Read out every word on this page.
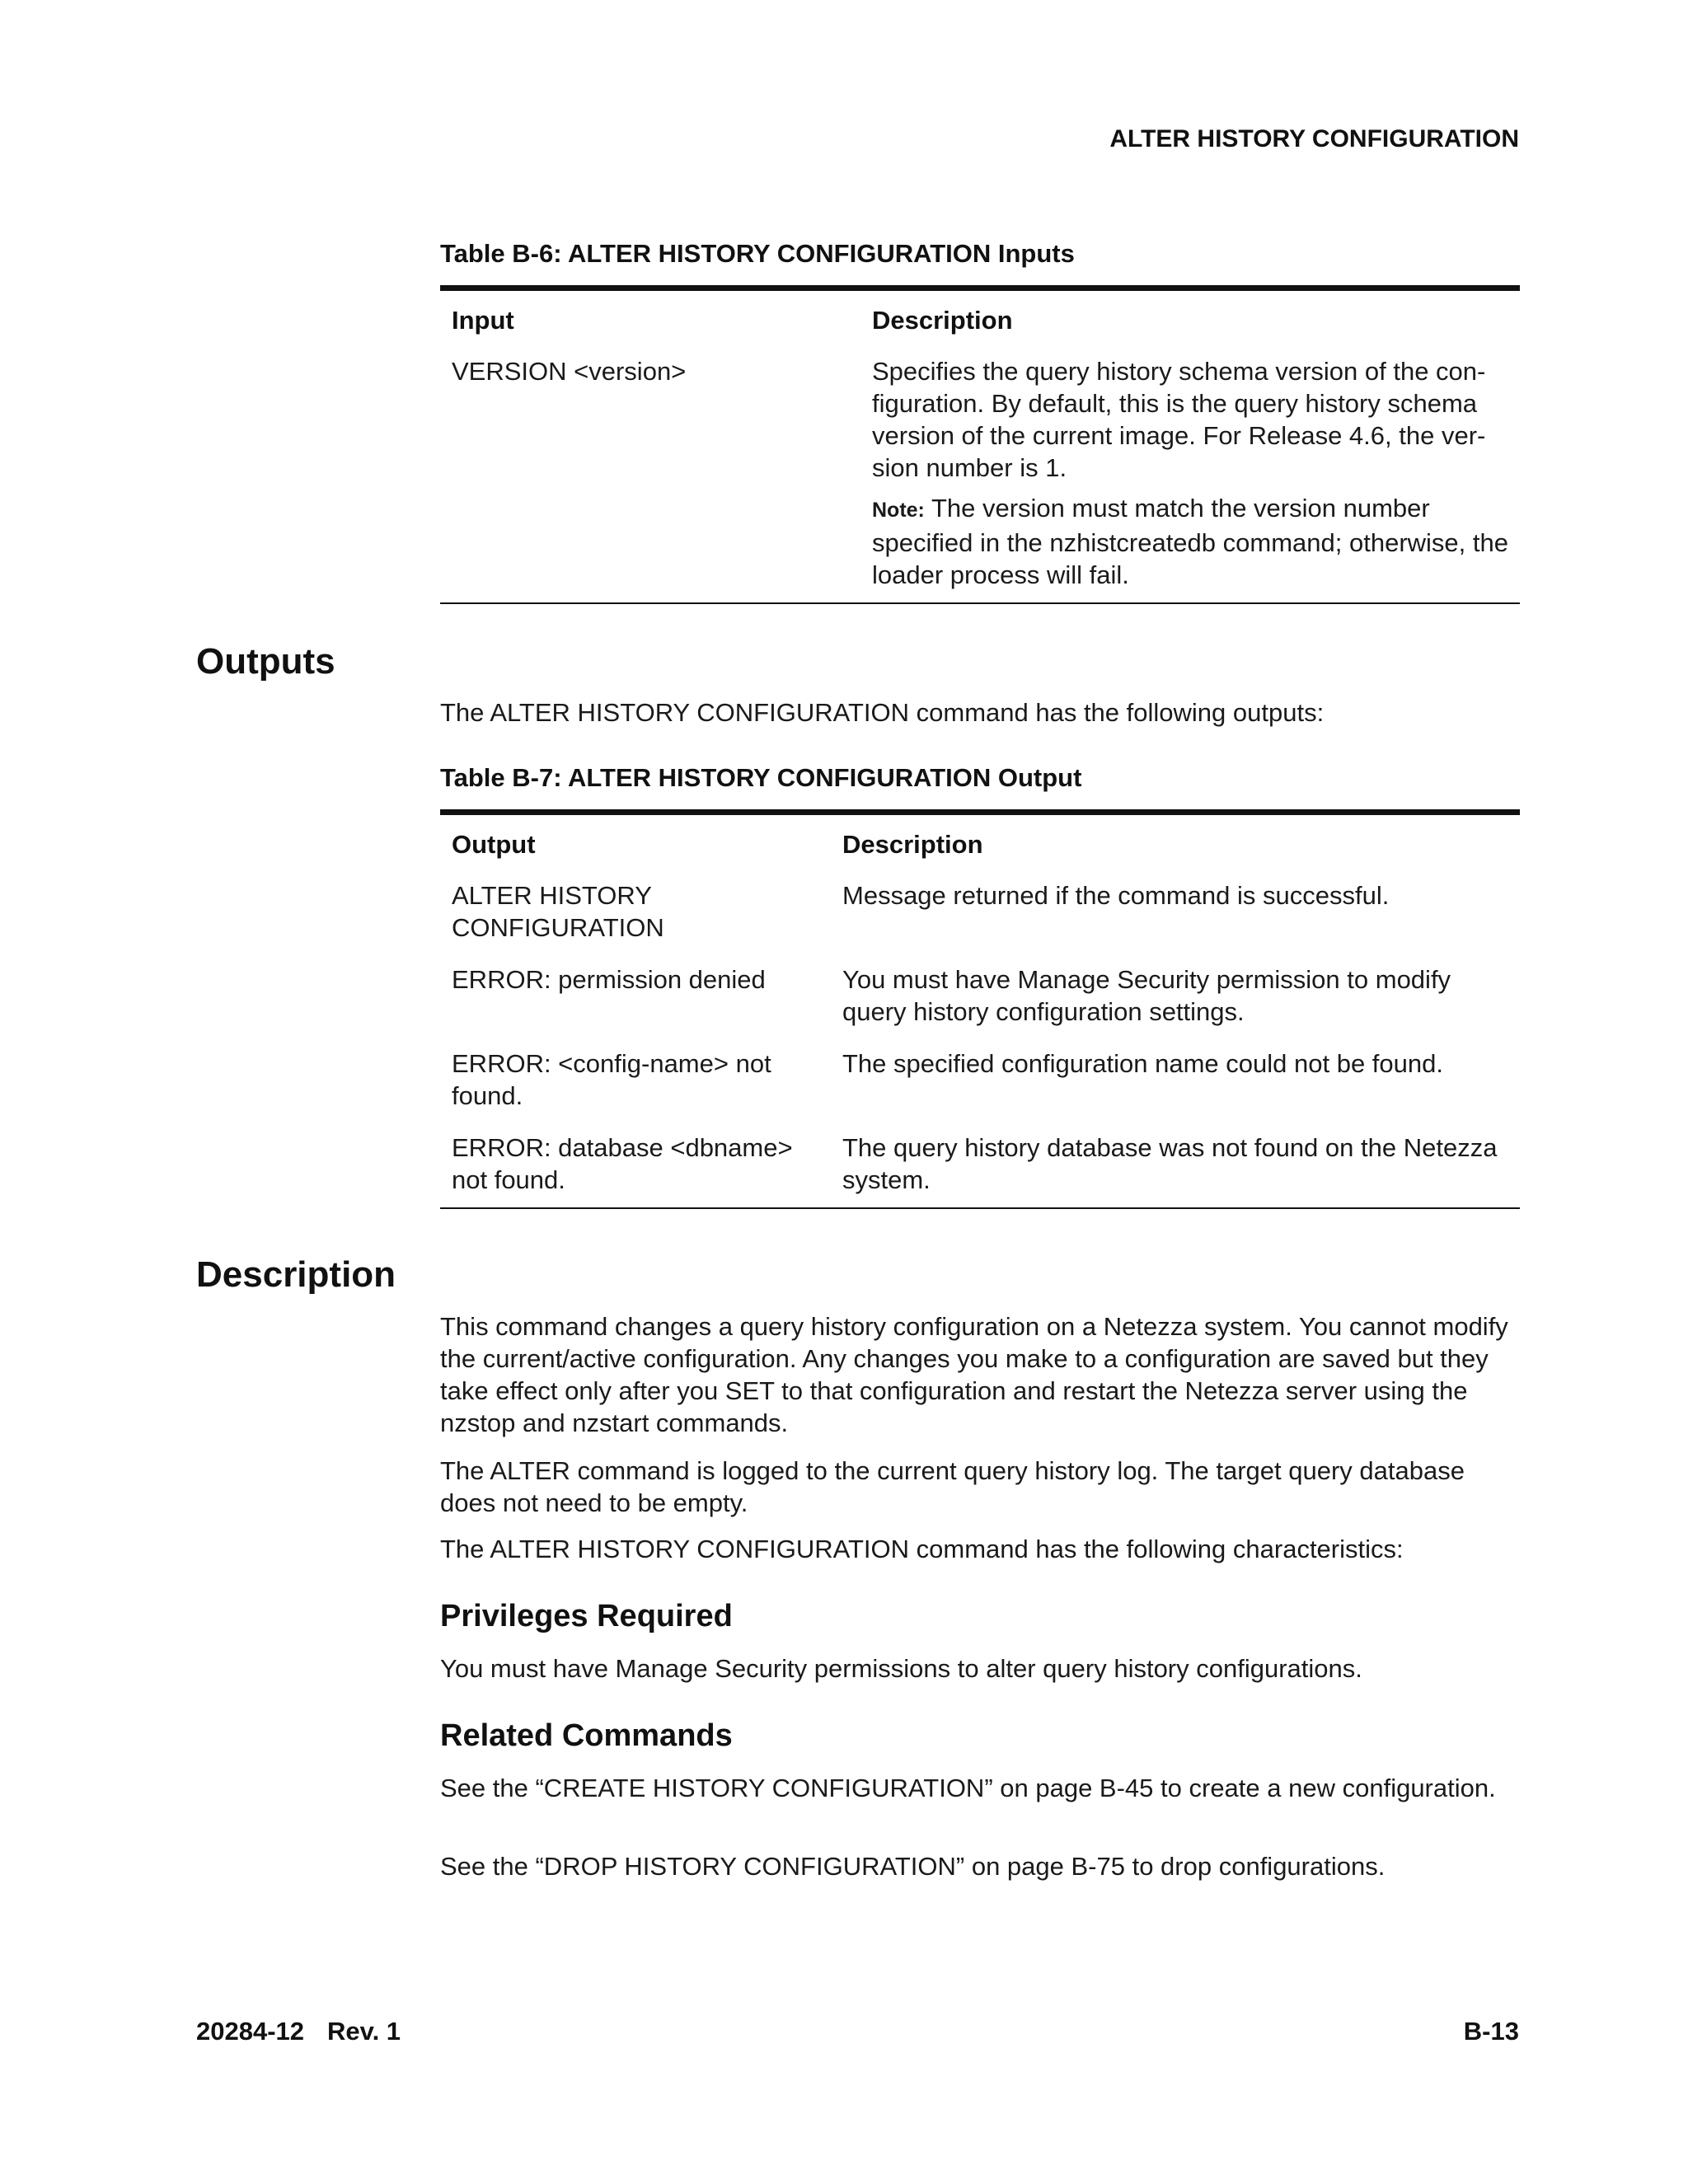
ALTER HISTORY CONFIGURATION
Table B-6: ALTER HISTORY CONFIGURATION Inputs
Input	Description
VERSION <version>	Specifies the query history schema version of the con-figuration. By default, this is the query history schema version of the current image. For Release 4.6, the ver-sion number is 1.
Note: The version must match the version number specified in the nzhistcreatedb command; otherwise, the loader process will fail.
Outputs

The ALTER HISTORY CONFIGURATION command has the following outputs:

Table B-7: ALTER HISTORY CONFIGURATION Output
Output	Description
ALTER HISTORY CONFIGURATION	Message returned if the command is successful.
ERROR: permission denied	You must have Manage Security permission to modify query history configuration settings.
ERROR: <config-name> not found.	The specified configuration name could not be found.
ERROR: database <dbname> not found.	The query history database was not found on the Netezza system.
Description

This command changes a query history configuration on a Netezza system. You cannot modify the current/active configuration. Any changes you make to a configuration are saved but they take effect only after you SET to that configuration and restart the Netezza server using the nzstop and nzstart commands.

The ALTER command is logged to the current query history log. The target query database does not need to be empty.

The ALTER HISTORY CONFIGURATION command has the following characteristics:

Privileges Required

You must have Manage Security permissions to alter query history configurations.

Related Commands

See the “CREATE HISTORY CONFIGURATION” on page B-45 to create a new configuration.

See the “DROP HISTORY CONFIGURATION” on page B-75 to drop configurations.

20284-12 Rev. 1	B-13
